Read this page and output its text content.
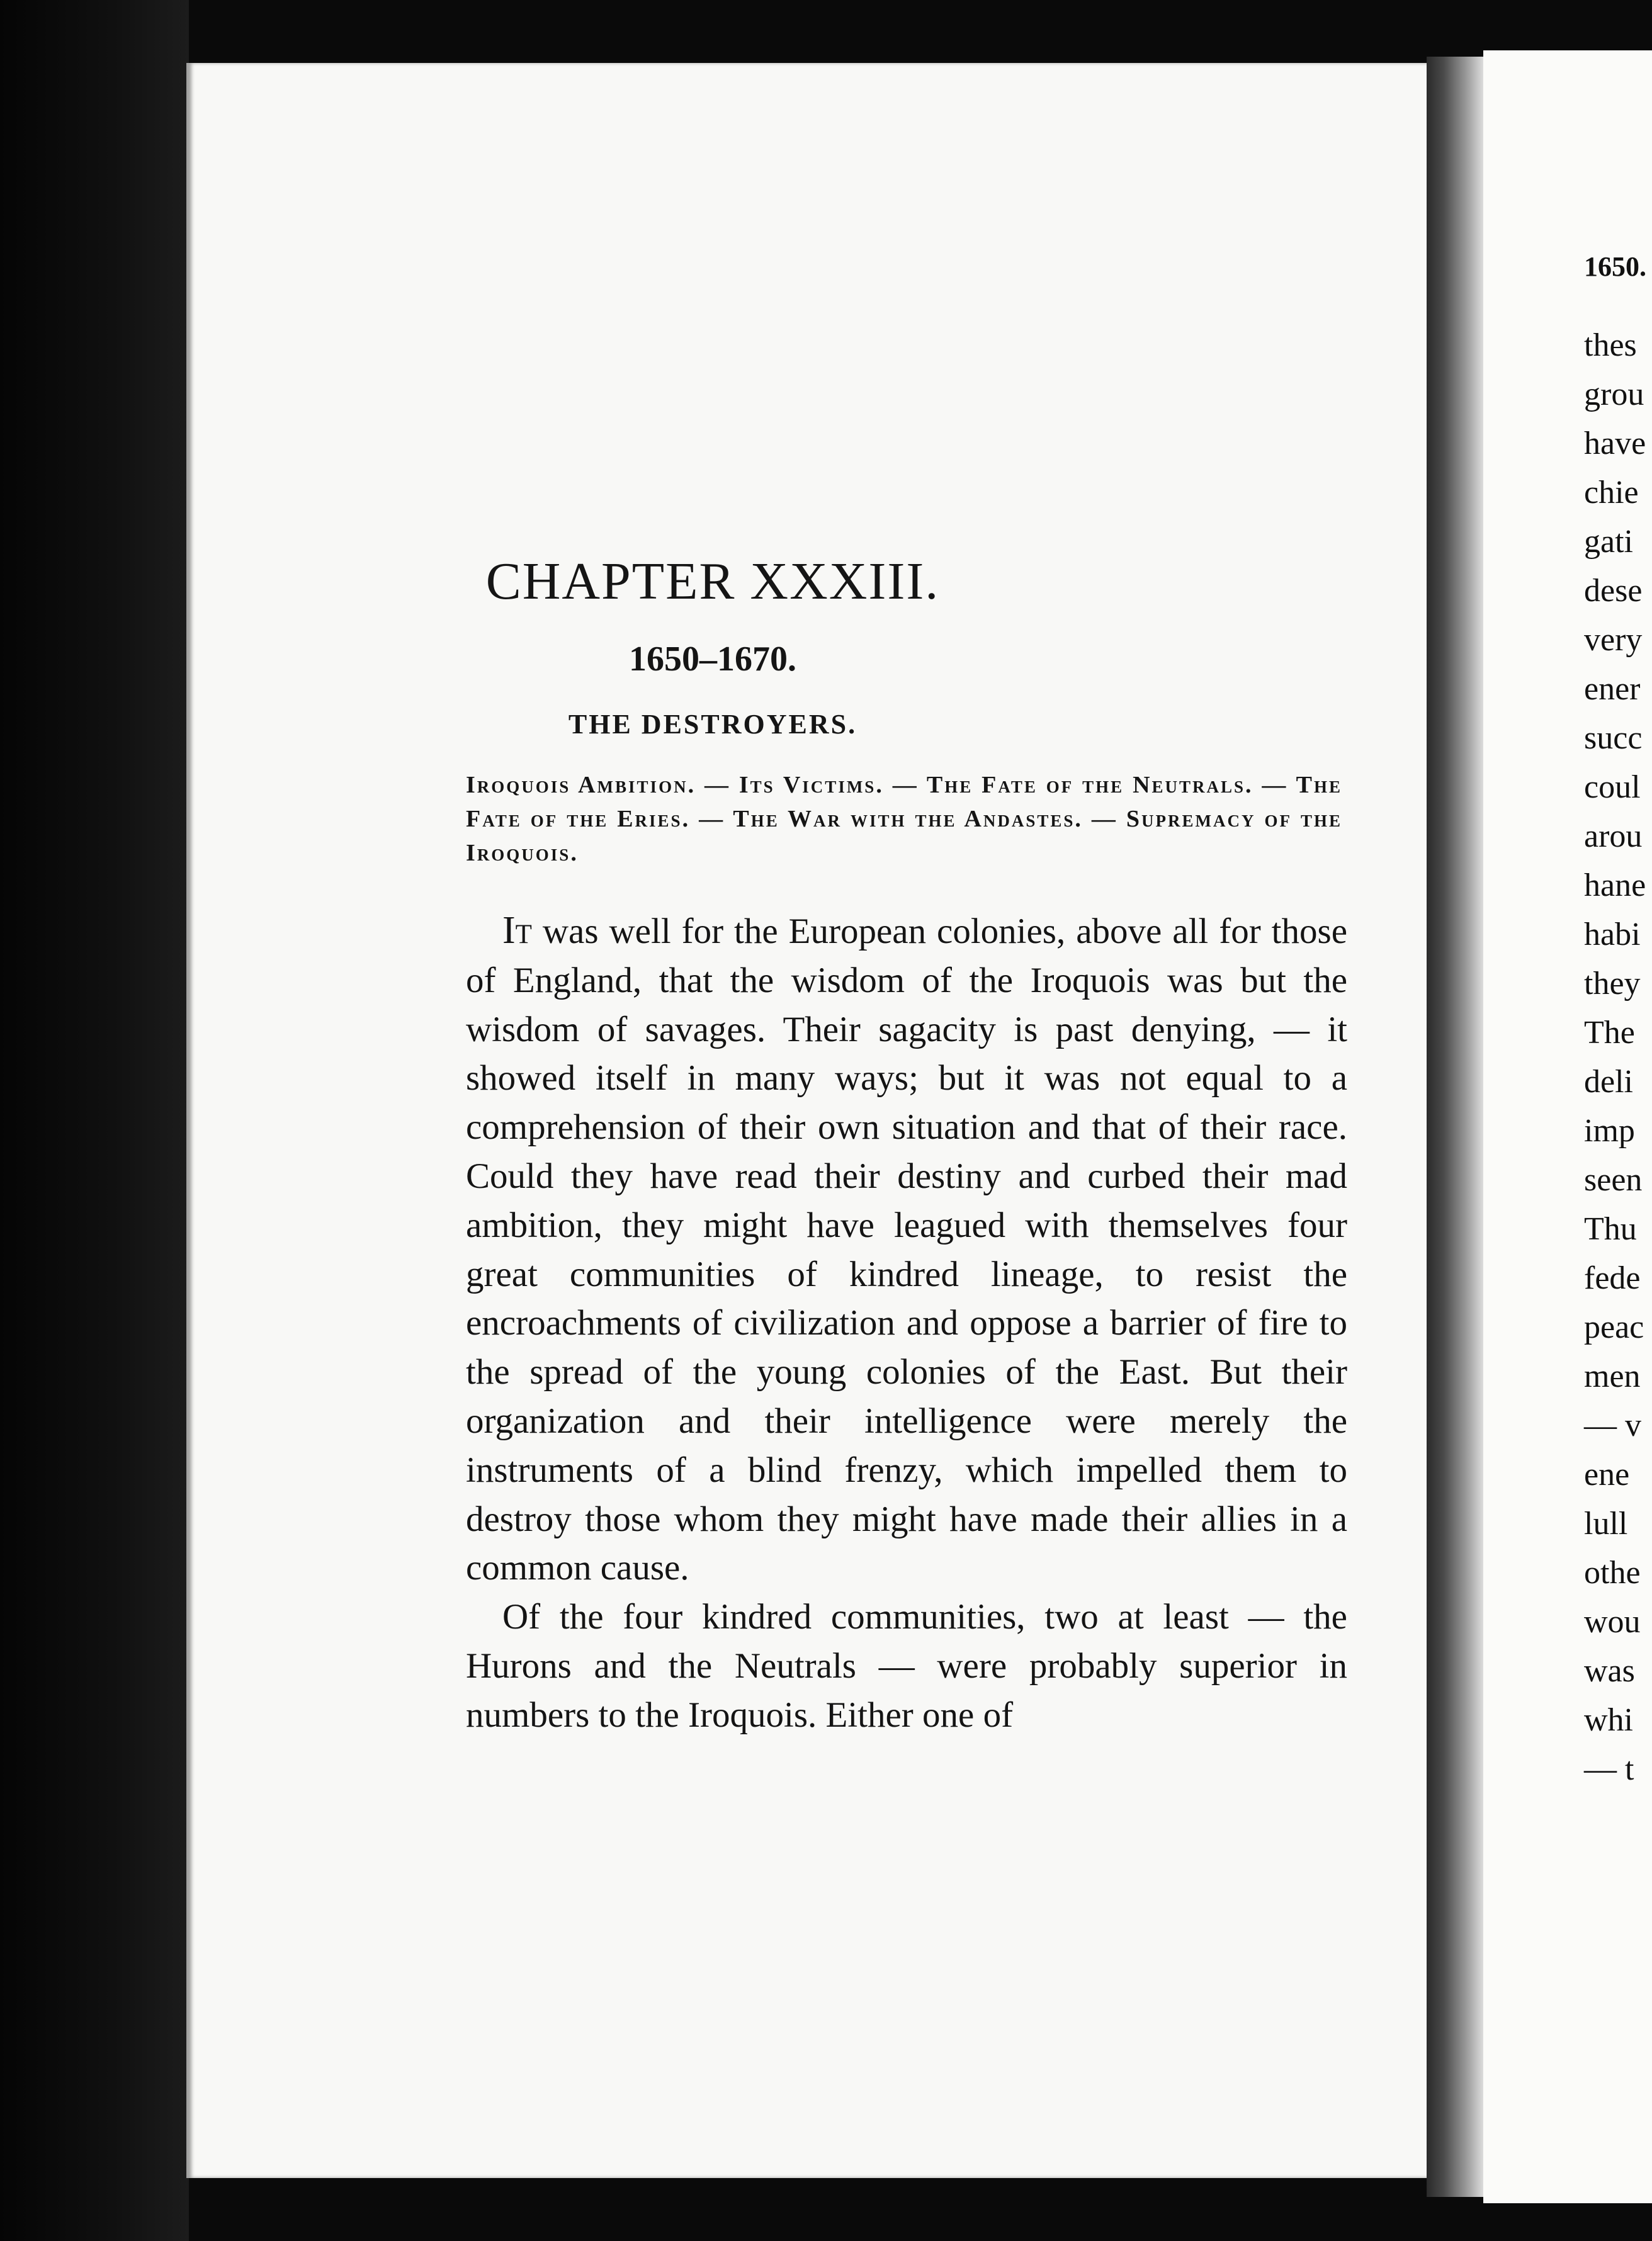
1650.

thes
grou
have
chie
gati
dese
very
ener
succ
coul
arou
hane
habi
they
The
deli
imp
seen
Thu
fede
peac
men
— v
ene
lull
othe
wou
was
whi
— t
CHAPTER XXXIII.
1650–1670.
THE DESTROYERS.

Iroquois Ambition. — Its Victims. — The Fate of the Neutrals. — The Fate of the Eries. — The War with the Andastes. — Supremacy of the Iroquois.

It was well for the European colonies, above all for those of England, that the wisdom of the Iroquois was but the wisdom of savages. Their sagacity is past denying, — it showed itself in many ways; but it was not equal to a comprehension of their own situation and that of their race. Could they have read their destiny and curbed their mad ambition, they might have leagued with themselves four great communities of kindred lineage, to resist the encroachments of civilization and oppose a barrier of fire to the spread of the young colonies of the East. But their organization and their intelligence were merely the instruments of a blind frenzy, which impelled them to destroy those whom they might have made their allies in a common cause.

Of the four kindred communities, two at least — the Hurons and the Neutrals — were probably superior in numbers to the Iroquois. Either one of
